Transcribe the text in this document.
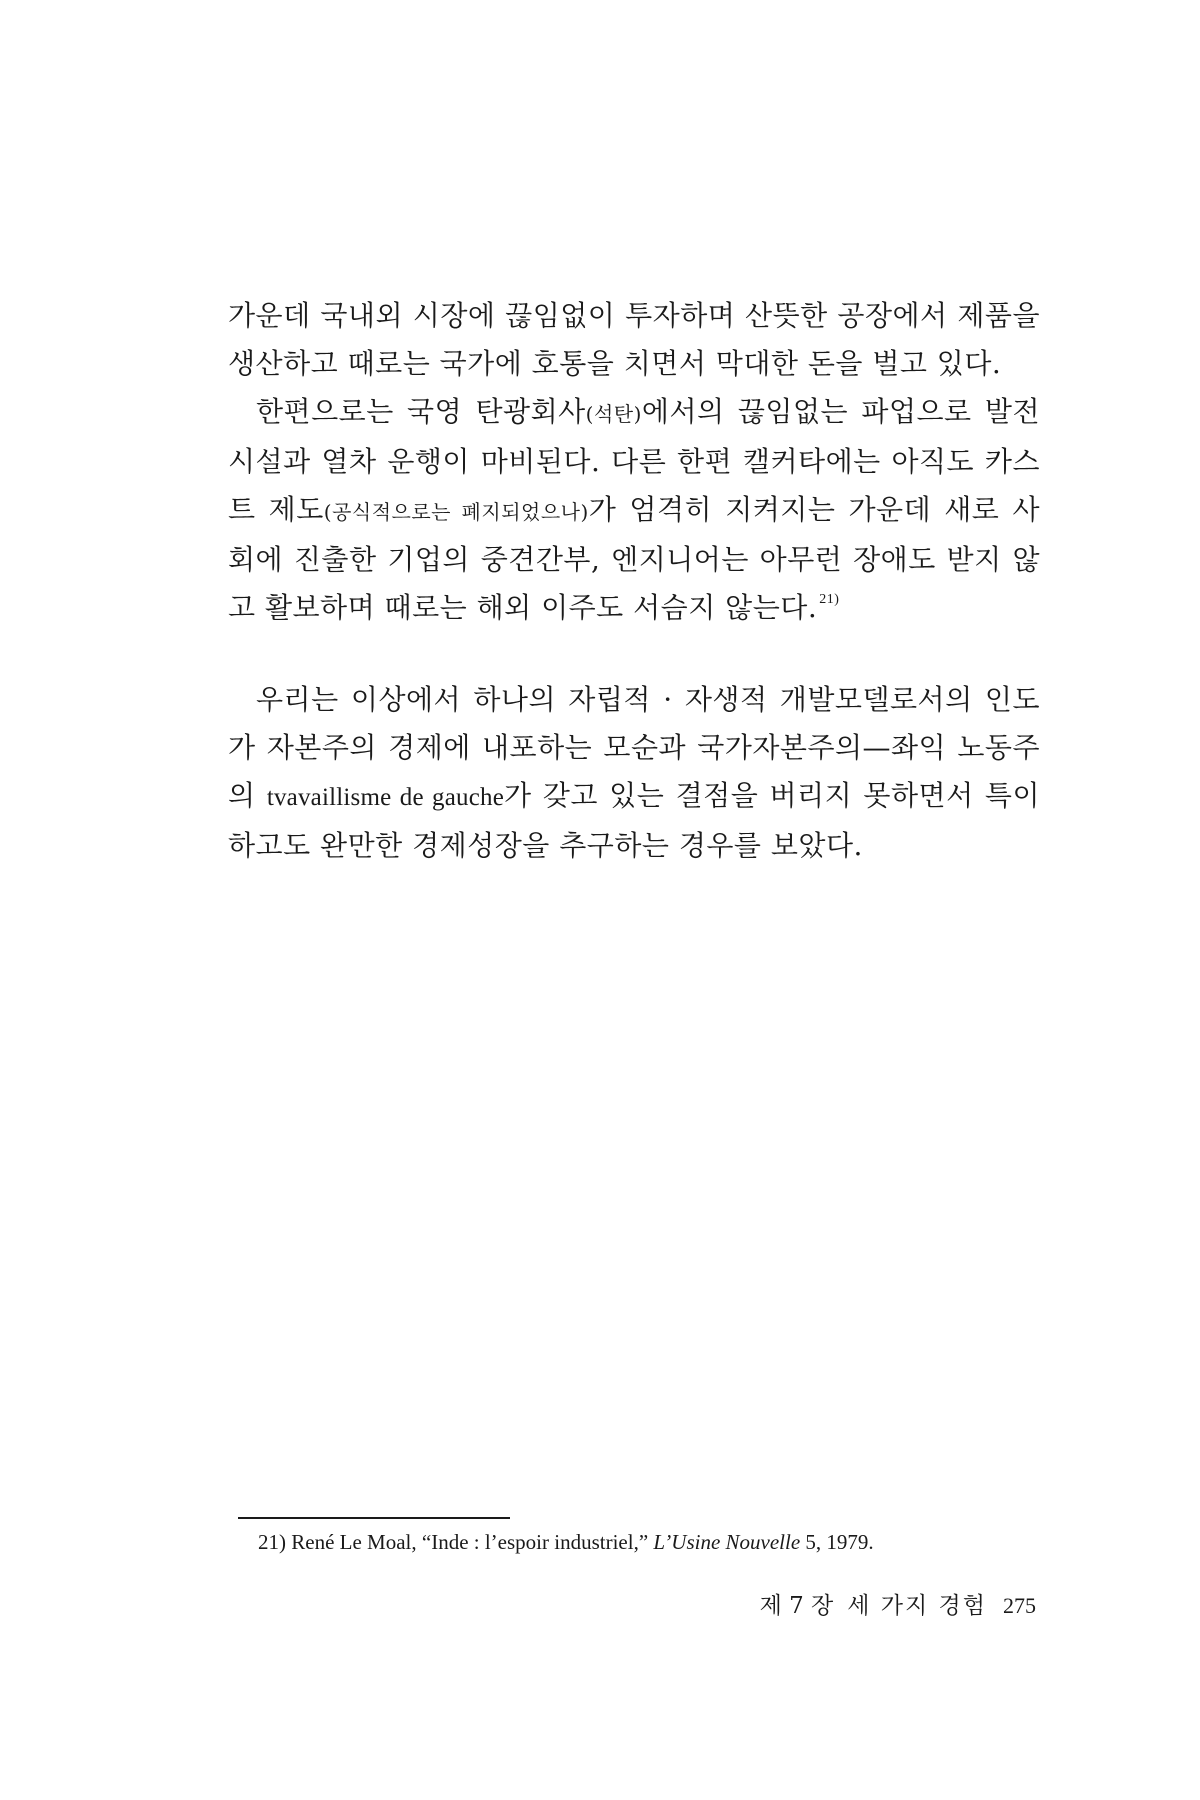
가운데 국내외 시장에 끊임없이 투자하며 산뜻한 공장에서 제품을 생산하고 때로는 국가에 호통을 치면서 막대한 돈을 벌고 있다.

한편으로는 국영 탄광회사(석탄)에서의 끊임없는 파업으로 발전시설과 열차 운행이 마비된다. 다른 한편 캘커타에는 아직도 카스트 제도(공식적으로는 폐지되었으나)가 엄격히 지켜지는 가운데 새로 사회에 진출한 기업의 중견간부, 엔지니어는 아무런 장애도 받지 않고 활보하며 때로는 해외 이주도 서슴지 않는다. $^{21)}$

우리는 이상에서 하나의 자립적 · 자생적 개발모델로서의 인도가 자본주의 경제에 내포하는 모순과 국가자본주의—좌익 노동주의 tvavaillisme de gauche가 갖고 있는 결점을 버리지 못하면서 특이하고도 완만한 경제성장을 추구하는 경우를 보았다.

21) René Le Moal, “Inde : l’espoir industriel,” L’Usine Nouvelle 5, 1979.
제 7 장 세 가지 경험 275
